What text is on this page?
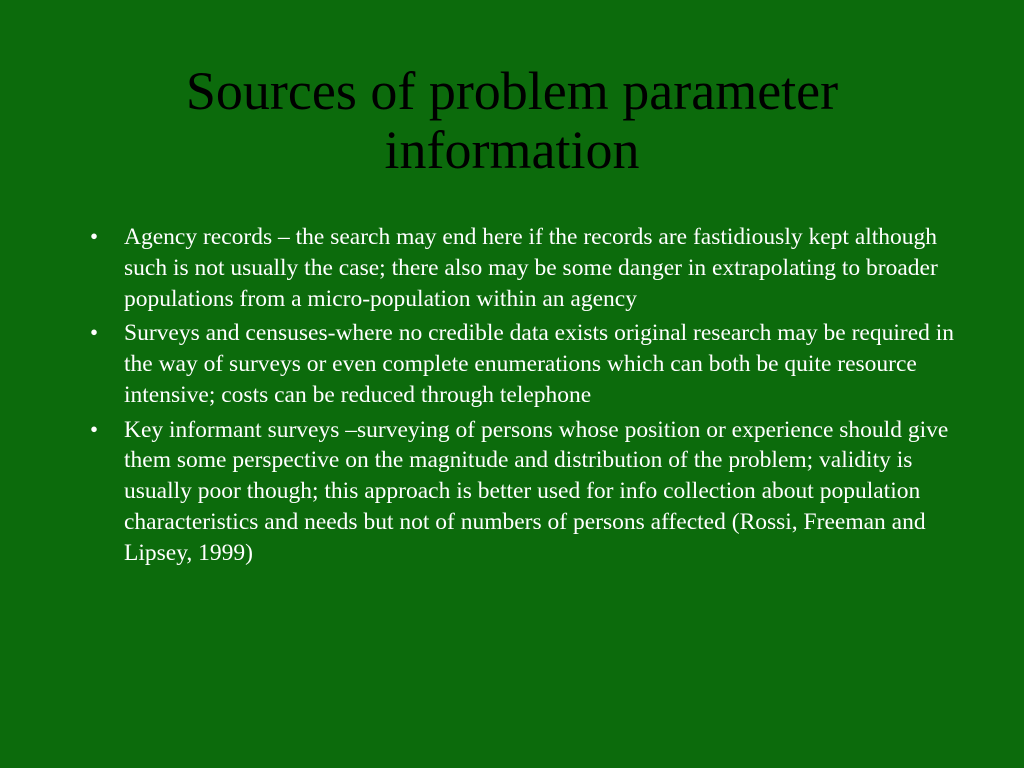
Sources of problem parameter information
• Agency records – the search may end here if the records are fastidiously kept although such is not usually the case; there also may be some danger in extrapolating to broader populations from a micro-population within an agency
• Surveys and censuses-where no credible data exists original research may be required in the way of surveys or even complete enumerations which can both be quite resource intensive; costs can be reduced through telephone
• Key informant surveys –surveying of persons whose position or experience should give them some perspective on the magnitude and distribution of the problem; validity is usually poor though; this approach is better used for info collection about population characteristics and needs but not of numbers of persons affected (Rossi, Freeman and Lipsey, 1999)
